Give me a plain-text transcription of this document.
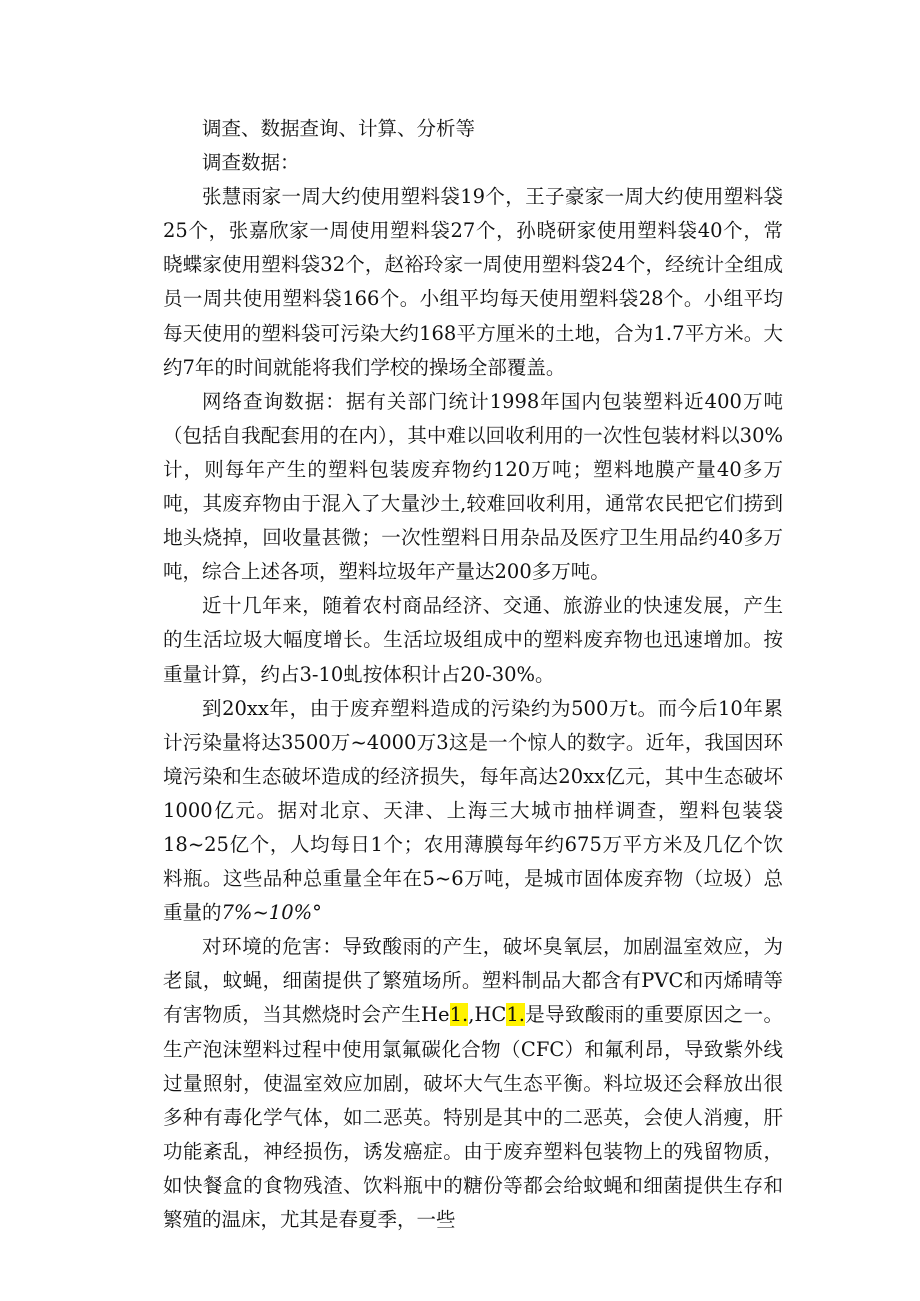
调查、数据查询、计算、分析等

调查数据：

张慧雨家一周大约使用塑料袋19个，王子豪家一周大约使用塑料袋25个，张嘉欣家一周使用塑料袋27个，孙晓研家使用塑料袋40个，常晓蝶家使用塑料袋32个，赵裕玲家一周使用塑料袋24个，经统计全组成员一周共使用塑料袋166个。小组平均每天使用塑料袋28个。小组平均每天使用的塑料袋可污染大约168平方厘米的土地，合为1.7平方米。大约7年的时间就能将我们学校的操场全部覆盖。

网络查询数据：据有关部门统计1998年国内包装塑料近400万吨（包括自我配套用的在内），其中难以回收利用的一次性包装材料以30%计，则每年产生的塑料包装废弃物约120万吨；塑料地膜产量40多万吨，其废弃物由于混入了大量沙土,较难回收利用，通常农民把它们捞到地头烧掉，回收量甚微；一次性塑料日用杂品及医疗卫生用品约40多万吨，综合上述各项，塑料垃圾年产量达200多万吨。

近十几年来，随着农村商品经济、交通、旅游业的快速发展，产生的生活垃圾大幅度增长。生活垃圾组成中的塑料废弃物也迅速增加。按重量计算，约占3-10虬按体积计占20-30%。

到20xx年，由于废弃塑料造成的污染约为500万t。而今后10年累计污染量将达3500万~4000万3这是一个惊人的数字。近年，我国因环境污染和生态破坏造成的经济损失，每年高达20xx亿元，其中生态破坏1000亿元。据对北京、天津、上海三大城市抽样调查，塑料包装袋18~25亿个，人均每日1个；农用薄膜每年约675万平方米及几亿个饮料瓶。这些品种总重量全年在5~6万吨，是城市固体废弃物（垃圾）总重量的7%~10%°

对环境的危害：导致酸雨的产生，破坏臭氧层，加剧温室效应，为老鼠，蚊蝇，细菌提供了繁殖场所。塑料制品大都含有PVC和丙烯晴等有害物质，当其燃烧时会产生He1.,HC1.是导致酸雨的重要原因之一。生产泡沫塑料过程中使用氯氟碳化合物（CFC）和氟利昂，导致紫外线过量照射，使温室效应加剧，破坏大气生态平衡。料垃圾还会释放出很多种有毒化学气体，如二恶英。特别是其中的二恶英，会使人消瘦，肝功能紊乱，神经损伤，诱发癌症。由于废弃塑料包装物上的残留物质，如快餐盒的食物残渣、饮料瓶中的糖份等都会给蚊蝇和细菌提供生存和繁殖的温床，尤其是春夏季，一些
